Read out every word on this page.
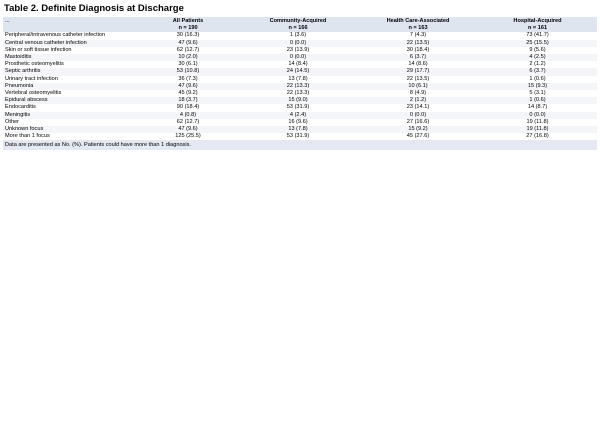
Table 2. Definite Diagnosis at Discharge
...	All Patients	Community-Acquired	Health Care-Associated	Hospital-Acquired
	n = 190	n = 166	n = 163	n = 161
Peripheral/intravenous catheter infection	30 (16.3)	1 (3.6)	7 (4.3)	73 (41.7)
Central venous catheter infection	47 (9.6)	0 (0.0)	22 (13.5)	25 (15.5)
Skin or soft tissue infection	62 (12.7)	23 (13.9)	30 (18.4)	9 (5.6)
Mastoiditis	10 (2.0)	0 (0.0)	6 (3.7)	4 (2.5)
Prosthetic osteomyelitis	30 (6.1)	14 (8.4)	14 (8.6)	2 (1.2)
Septic arthritis	53 (10.8)	24 (14.5)	29 (17.7)	6 (3.7)
Urinary tract infection	36 (7.3)	13 (7.8)	22 (13.5)	1 (0.6)
Pneumonia	47 (9.6)	22 (13.3)	10 (6.1)	15 (9.3)
Vertebral osteomyelitis	45 (9.2)	22 (13.3)	8 (4.9)	5 (3.1)
Epidural abscess	18 (3.7)	15 (9.0)	2 (1.2)	1 (0.6)
Endocarditis	90 (18.4)	53 (31.9)	23 (14.1)	14 (8.7)
Meningitis	4 (0.8)	4 (2.4)	0 (0.0)	0 (0.0)
Other	62 (12.7)	16 (9.6)	27 (16.6)	19 (11.8)
Unknown focus	47 (9.6)	13 (7.8)	15 (9.2)	19 (11.8)
More than 1 focus	125 (25.5)	53 (31.9)	45 (27.6)	27 (16.8)
Data are presented as No. (%). Patients could have more than 1 diagnosis.				
